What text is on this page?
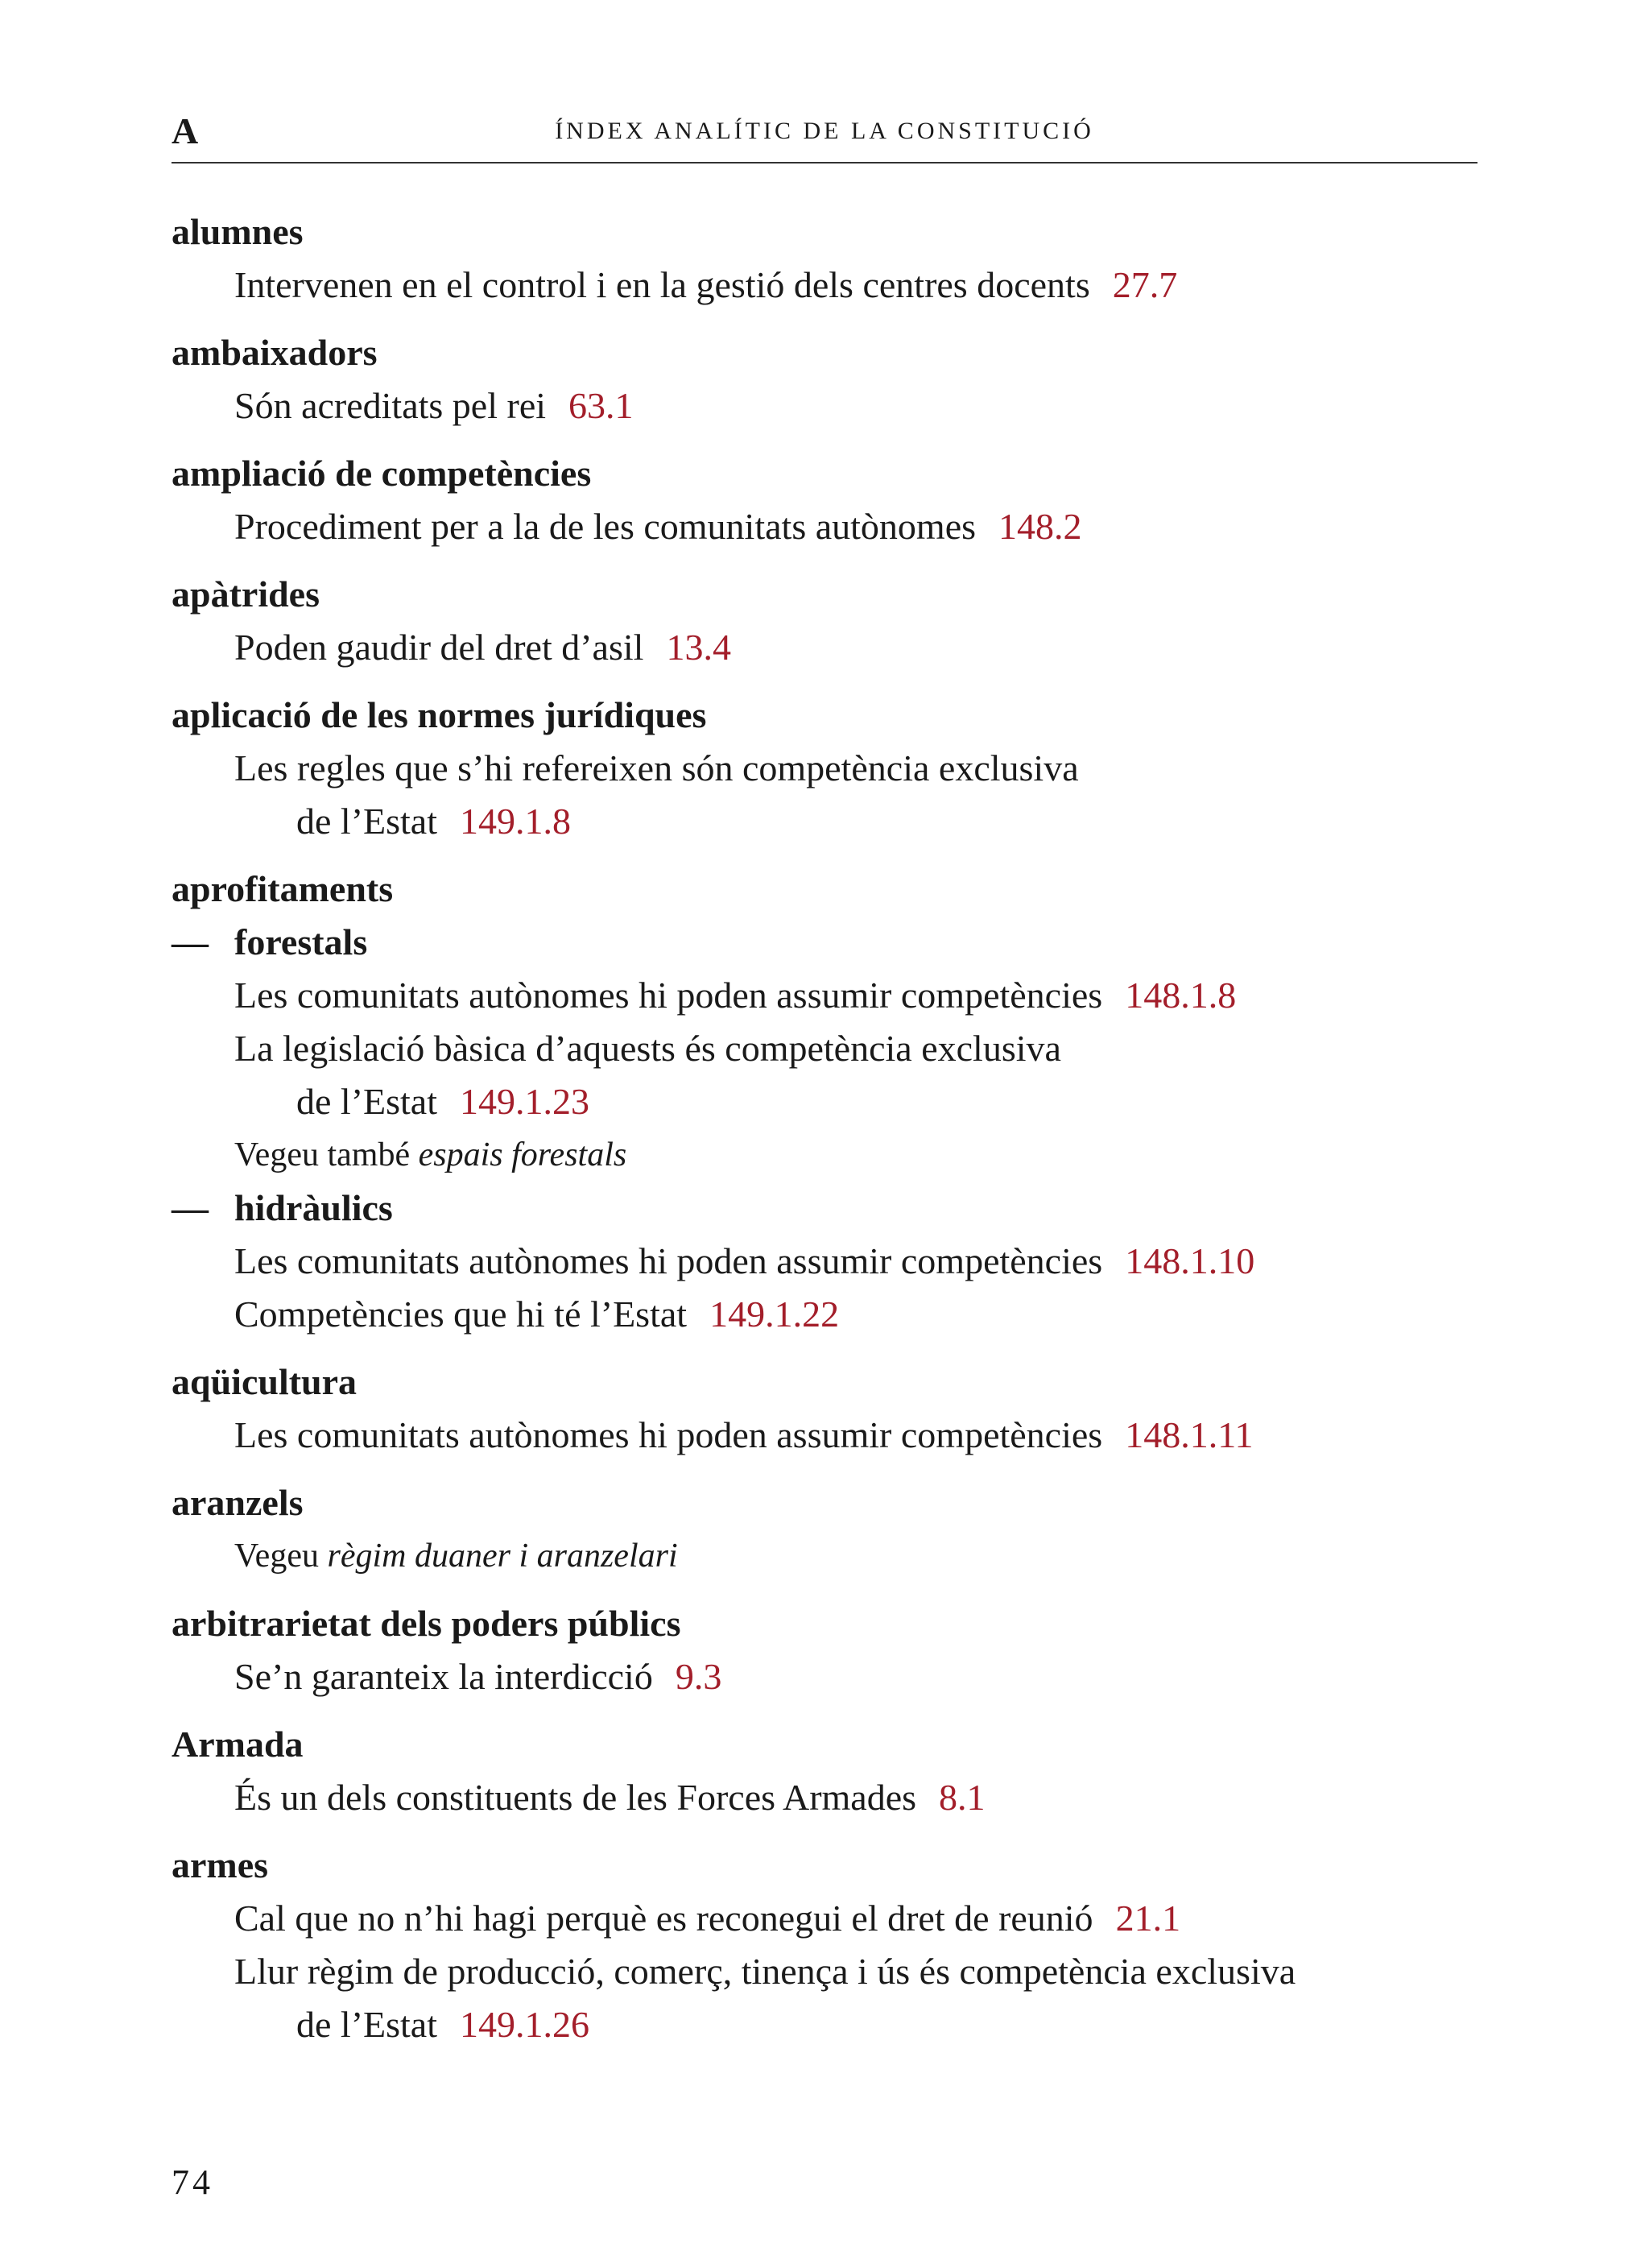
A	ÍNDEX ANALÍTIC DE LA CONSTITUCIÓ
alumnes
Intervenen en el control i en la gestió dels centres docents 27.7
ambaixadors
Són acreditats pel rei 63.1
ampliació de competències
Procediment per a la de les comunitats autònomes 148.2
apàtrides
Poden gaudir del dret d’asil 13.4
aplicació de les normes jurídiques
Les regles que s’hi refereixen són competència exclusiva
de l’Estat 149.1.8
aprofitaments
— forestals
Les comunitats autònomes hi poden assumir competències 148.1.8
La legislació bàsica d’aquests és competència exclusiva
de l’Estat 149.1.23
Vegeu també espais forestals
— hidràulics
Les comunitats autònomes hi poden assumir competències 148.1.10
Competències que hi té l’Estat 149.1.22
aqüicultura
Les comunitats autònomes hi poden assumir competències 148.1.11
aranzels
Vegeu règim duaner i aranzelari
arbitrarietat dels poders públics
Se’n garanteix la interdicció 9.3
Armada
És un dels constituents de les Forces Armades 8.1
armes
Cal que no n’hi hagi perquè es reconegui el dret de reunió 21.1
Llur règim de producció, comerç, tinença i ús és competència exclusiva
de l’Estat 149.1.26
74
